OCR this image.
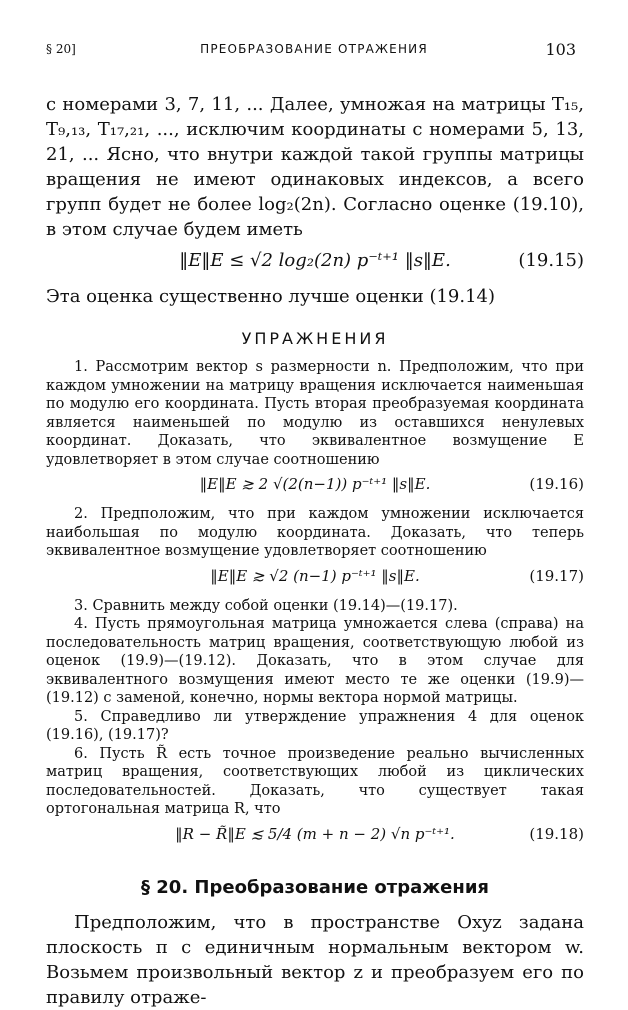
§ 20]	ПРЕОБРАЗОВАНИЕ ОТРАЖЕНИЯ	103

с номерами 3, 7, 11, ... Далее, умножая на матрицы T₁₅, T₉,₁₃, T₁₇,₂₁, ..., исключим координаты с номерами 5, 13, 21, ... Ясно, что внутри каждой такой группы матрицы вращения не имеют одинаковых индексов, а всего групп будет не более log₂(2n). Согласно оценке (19.10), в этом случае будем иметь

‖E‖E ≤ √2 log₂(2n) p⁻ᵗ⁺¹ ‖s‖E.	(19.15)

Эта оценка существенно лучше оценки (19.14)

УПРАЖНЕНИЯ

1. Рассмотрим вектор s размерности n. Предположим, что при каждом умножении на матрицу вращения исключается наименьшая по модулю его координата. Пусть вторая преобразуемая координата является наименьшей по модулю из оставшихся ненулевых координат. Доказать, что эквивалентное возмущение E удовлетворяет в этом случае соотношению

‖E‖E ≳ 2 √(2(n−1)) p⁻ᵗ⁺¹ ‖s‖E.	(19.16)

2. Предположим, что при каждом умножении исключается наибольшая по модулю координата. Доказать, что теперь эквивалентное возмущение удовлетворяет соотношению

‖E‖E ≳ √2 (n−1) p⁻ᵗ⁺¹ ‖s‖E.	(19.17)

3. Сравнить между собой оценки (19.14)—(19.17).

4. Пусть прямоугольная матрица умножается слева (справа) на последовательность матриц вращения, соответствующую любой из оценок (19.9)—(19.12). Доказать, что в этом случае для эквивалентного возмущения имеют место те же оценки (19.9)—(19.12) с заменой, конечно, нормы вектора нормой матрицы.

5. Справедливо ли утверждение упражнения 4 для оценок (19.16), (19.17)?

6. Пусть R̃ есть точное произведение реально вычисленных матриц вращения, соответствующих любой из циклических последовательностей. Доказать, что существует такая ортогональная матрица R, что

‖R − R̃‖E ≲ 5/4 (m + n − 2) √n p⁻ᵗ⁺¹.	(19.18)
§ 20. Преобразование отражения

Предположим, что в пространстве Oxyz задана плоскость π с единичным нормальным вектором w. Возьмем произвольный вектор z и преобразуем его по правилу отраже-
